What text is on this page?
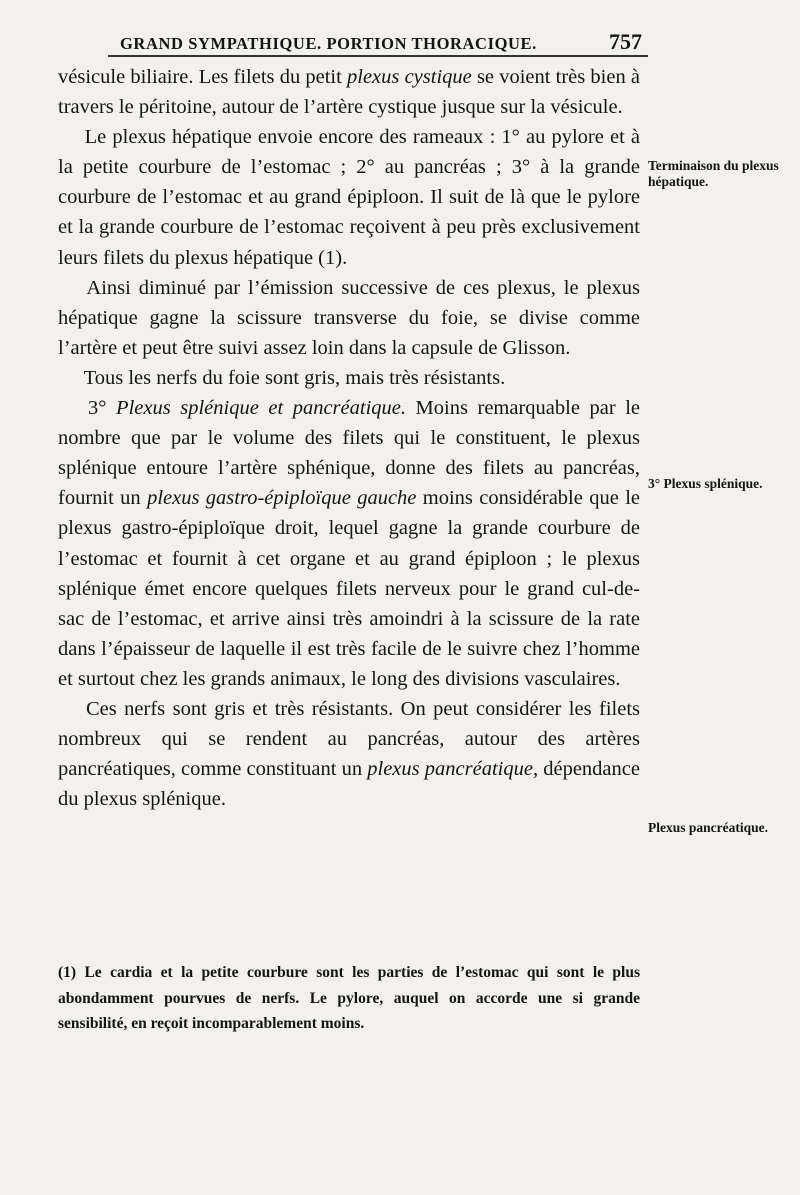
GRAND SYMPATHIQUE. PORTION THORACIQUE.	757

vésicule biliaire. Les filets du petit plexus cystique se voient très bien à travers le péritoine, autour de l’artère cystique jusque sur la vésicule.

  Le plexus hépatique envoie encore des rameaux : 1° au pylore et à la petite courbure de l’estomac ; 2° au pancréas ; 3° à la grande courbure de l’estomac et au grand épiploon. Il suit de là que le pylore et la grande courbure de l’estomac reçoivent à peu près exclusivement leurs filets du plexus hépatique (1).

  Ainsi diminué par l’émission successive de ces plexus, le plexus hépatique gagne la scissure transverse du foie, se divise comme l’artère et peut être suivi assez loin dans la capsule de Glisson.

  Tous les nerfs du foie sont gris, mais très résistants.

  3° Plexus splénique et pancréatique. Moins remarquable par le nombre que par le volume des filets qui le constituent, le plexus splénique entoure l’artère sphénique, donne des filets au pancréas, fournit un plexus gastro-épiploïque gauche moins considérable que le plexus gastro-épiploïque droit, lequel gagne la grande courbure de l’estomac et fournit à cet organe et au grand épiploon ; le plexus splénique émet encore quelques filets nerveux pour le grand cul-de-sac de l’estomac, et arrive ainsi très amoindri à la scissure de la rate dans l’épaisseur de laquelle il est très facile de le suivre chez l’homme et surtout chez les grands animaux, le long des divisions vasculaires.

  Ces nerfs sont gris et très résistants. On peut considérer les filets nombreux qui se rendent au pancréas, autour des artères pancréatiques, comme constituant un plexus pancréatique, dépendance du plexus splénique.

Terminaison du plexus hépatique.
3° Plexus splénique.
Plexus pancréatique.

(1) Le cardia et la petite courbure sont les parties de l’estomac qui sont le plus abondamment pourvues de nerfs. Le pylore, auquel on accorde une si grande sensibilité, en reçoit incomparablement moins.
